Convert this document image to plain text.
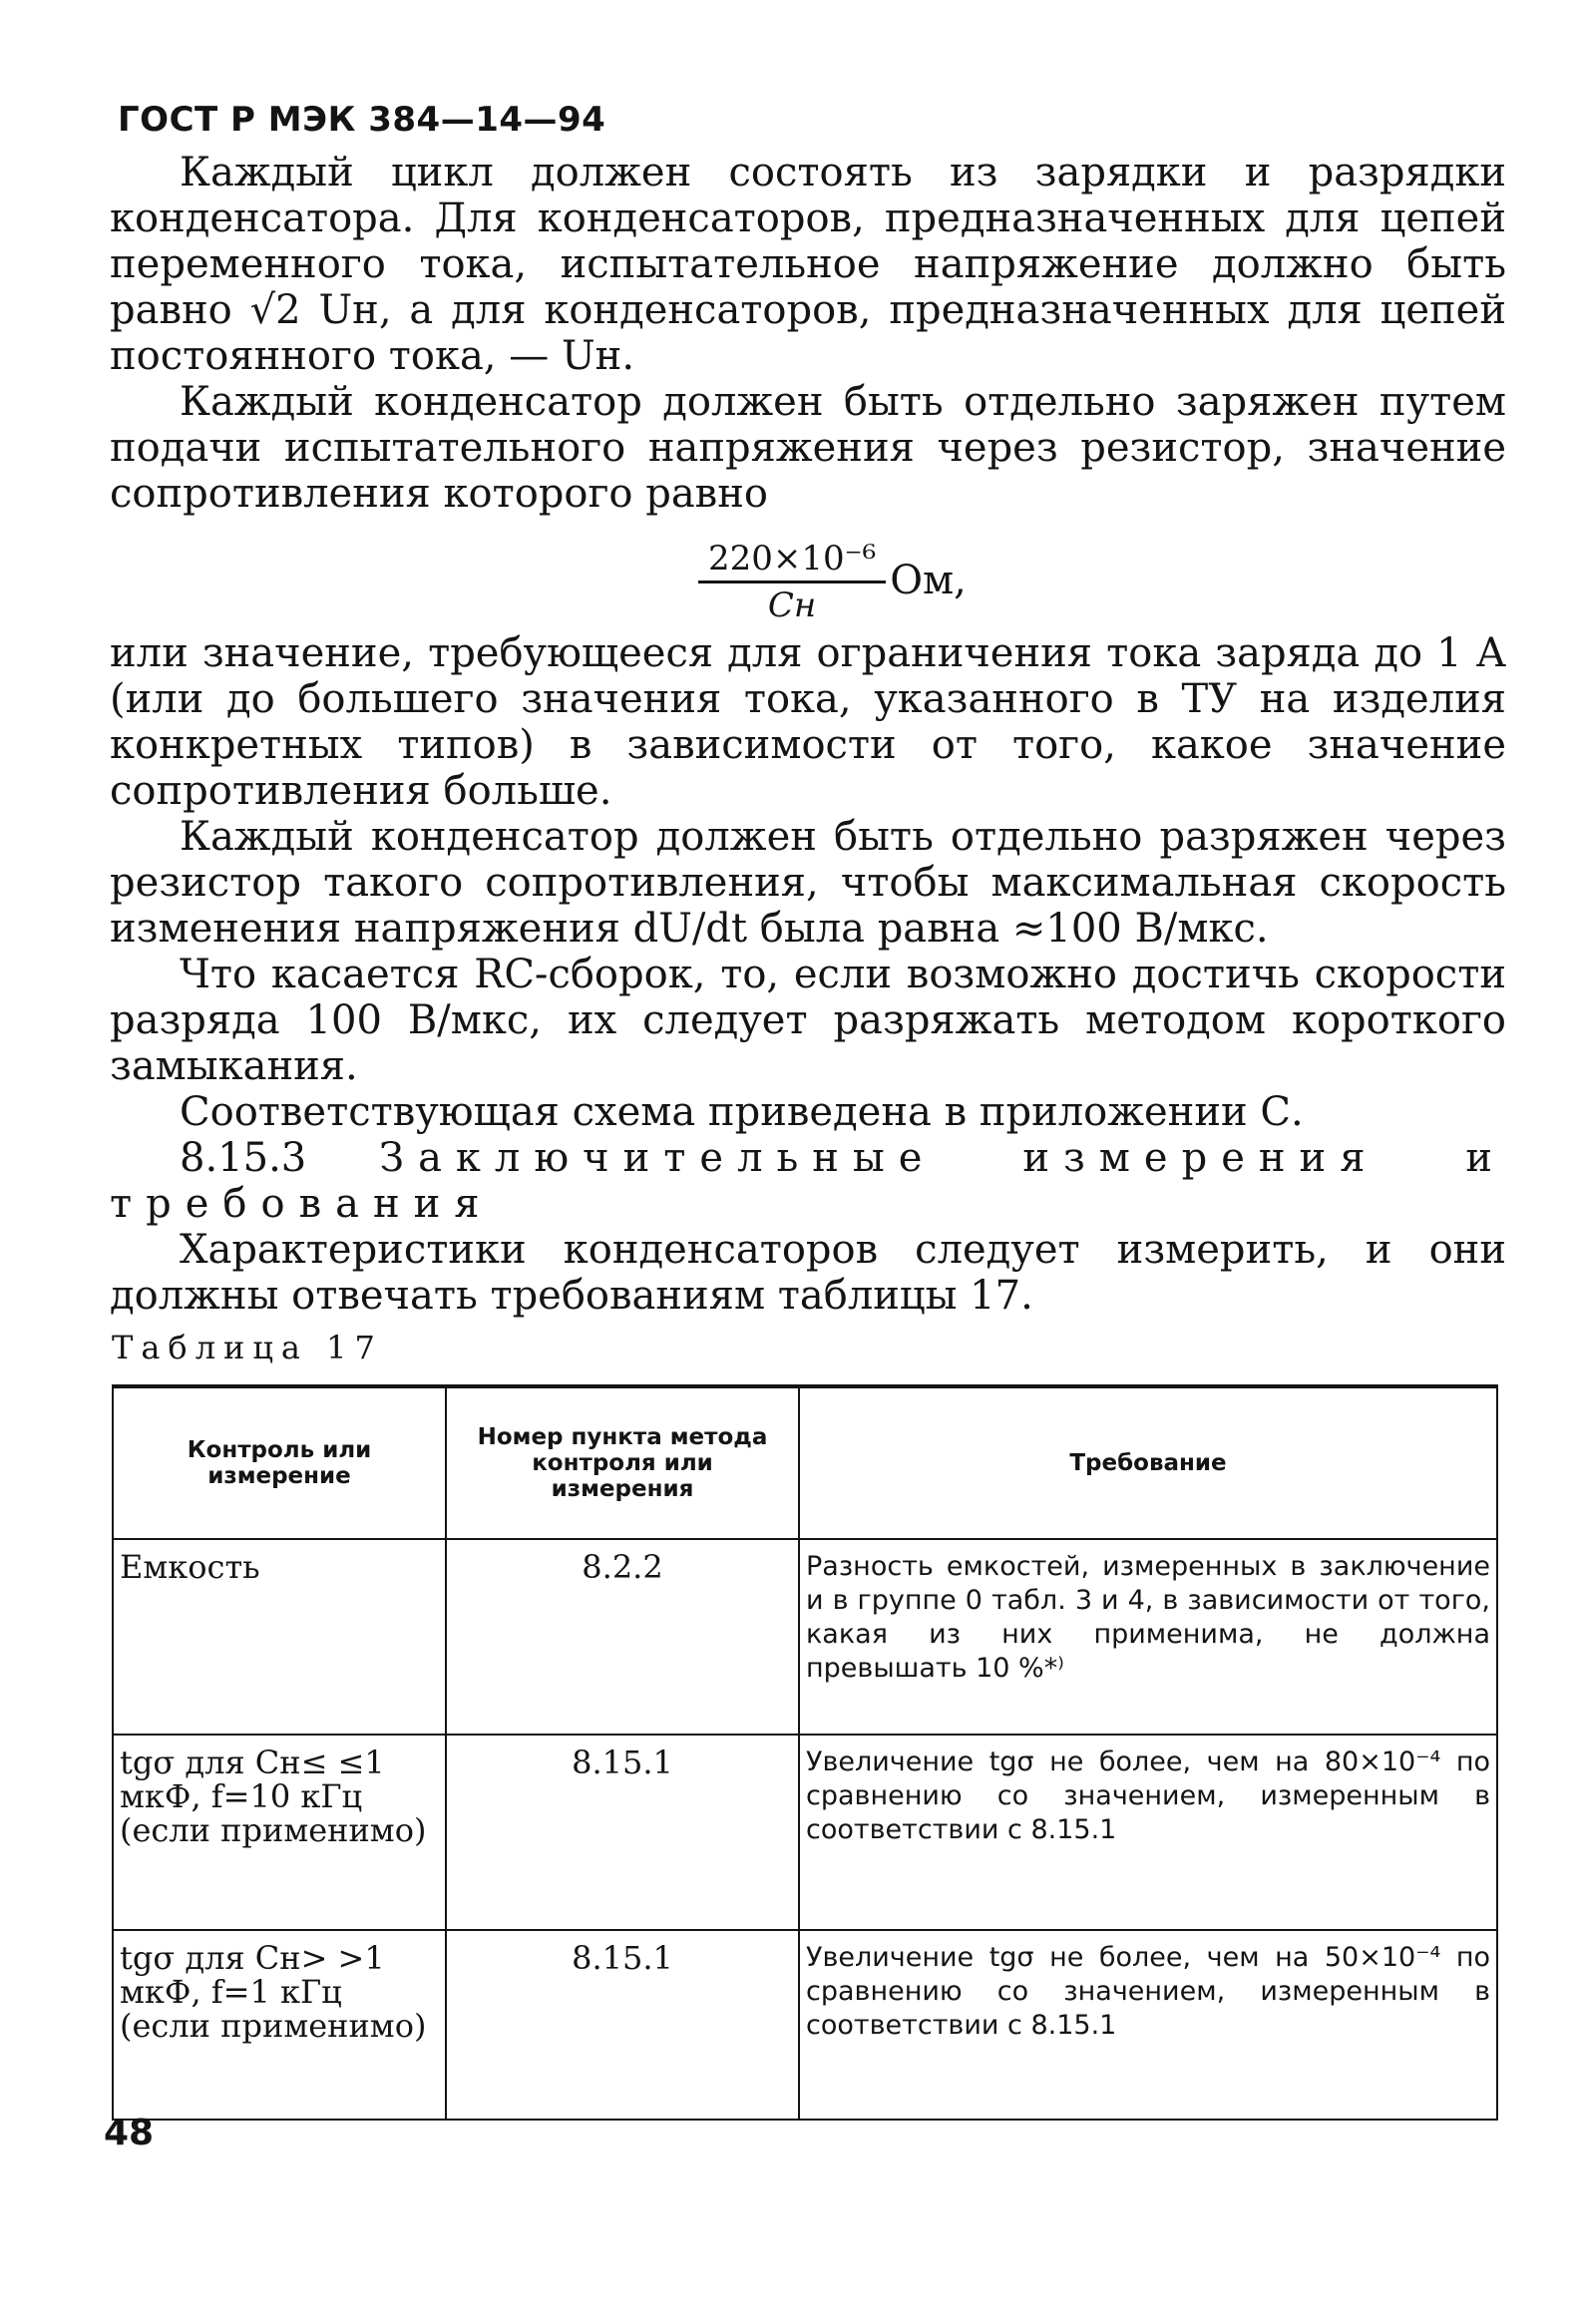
ГОСТ Р МЭК 384—14—94

Каждый цикл должен состоять из зарядки и разрядки конденсатора. Для конденсаторов, предназначенных для цепей переменного тока, испытательное напряжение должно быть равно √2 Uн, а для конденсаторов, предназначенных для цепей постоянного тока, — Uн.

Каждый конденсатор должен быть отдельно заряжен путем подачи испытательного напряжения через резистор, значение сопротивления которого равно

$\frac{\text{220×10⁻⁶}}{Cн}$ Ом,

или значение, требующееся для ограничения тока заряда до 1 А (или до большего значения тока, указанного в ТУ на изделия конкретных типов) в зависимости от того, какое значение сопротивления больше.

Каждый конденсатор должен быть отдельно разряжен через резистор такого сопротивления, чтобы максимальная скорость изменения напряжения dU/dt была равна ≈100 В/мкс.

Что касается RC-сборок, то, если возможно достичь скорости разряда 100 В/мкс, их следует разряжать методом короткого замыкания.

Соответствующая схема приведена в приложении С.

8.15.3 Заключительные измерения и требования

Характеристики конденсаторов следует измерить, и они должны отвечать требованиям таблицы 17.

Таблица 17
Контроль или измерение	Номер пункта метода контроля или измерения	Требование
Емкость	8.2.2	Разность емкостей, измеренных в заключение и в группе 0 табл. 3 и 4, в зависимости от того, какая из них применима, не должна превышать 10 %*⁾
tgσ для Cн≤ ≤1 мкФ, f=10 кГц (если применимо)	8.15.1	Увеличение tgσ не более, чем на 80×10⁻⁴ по сравнению со значением, измеренным в соответствии с 8.15.1
tgσ для Cн> >1 мкФ, f=1 кГц (если применимо)	8.15.1	Увеличение tgσ не более, чем на 50×10⁻⁴ по сравнению со значением, измеренным в соответствии с 8.15.1
48
